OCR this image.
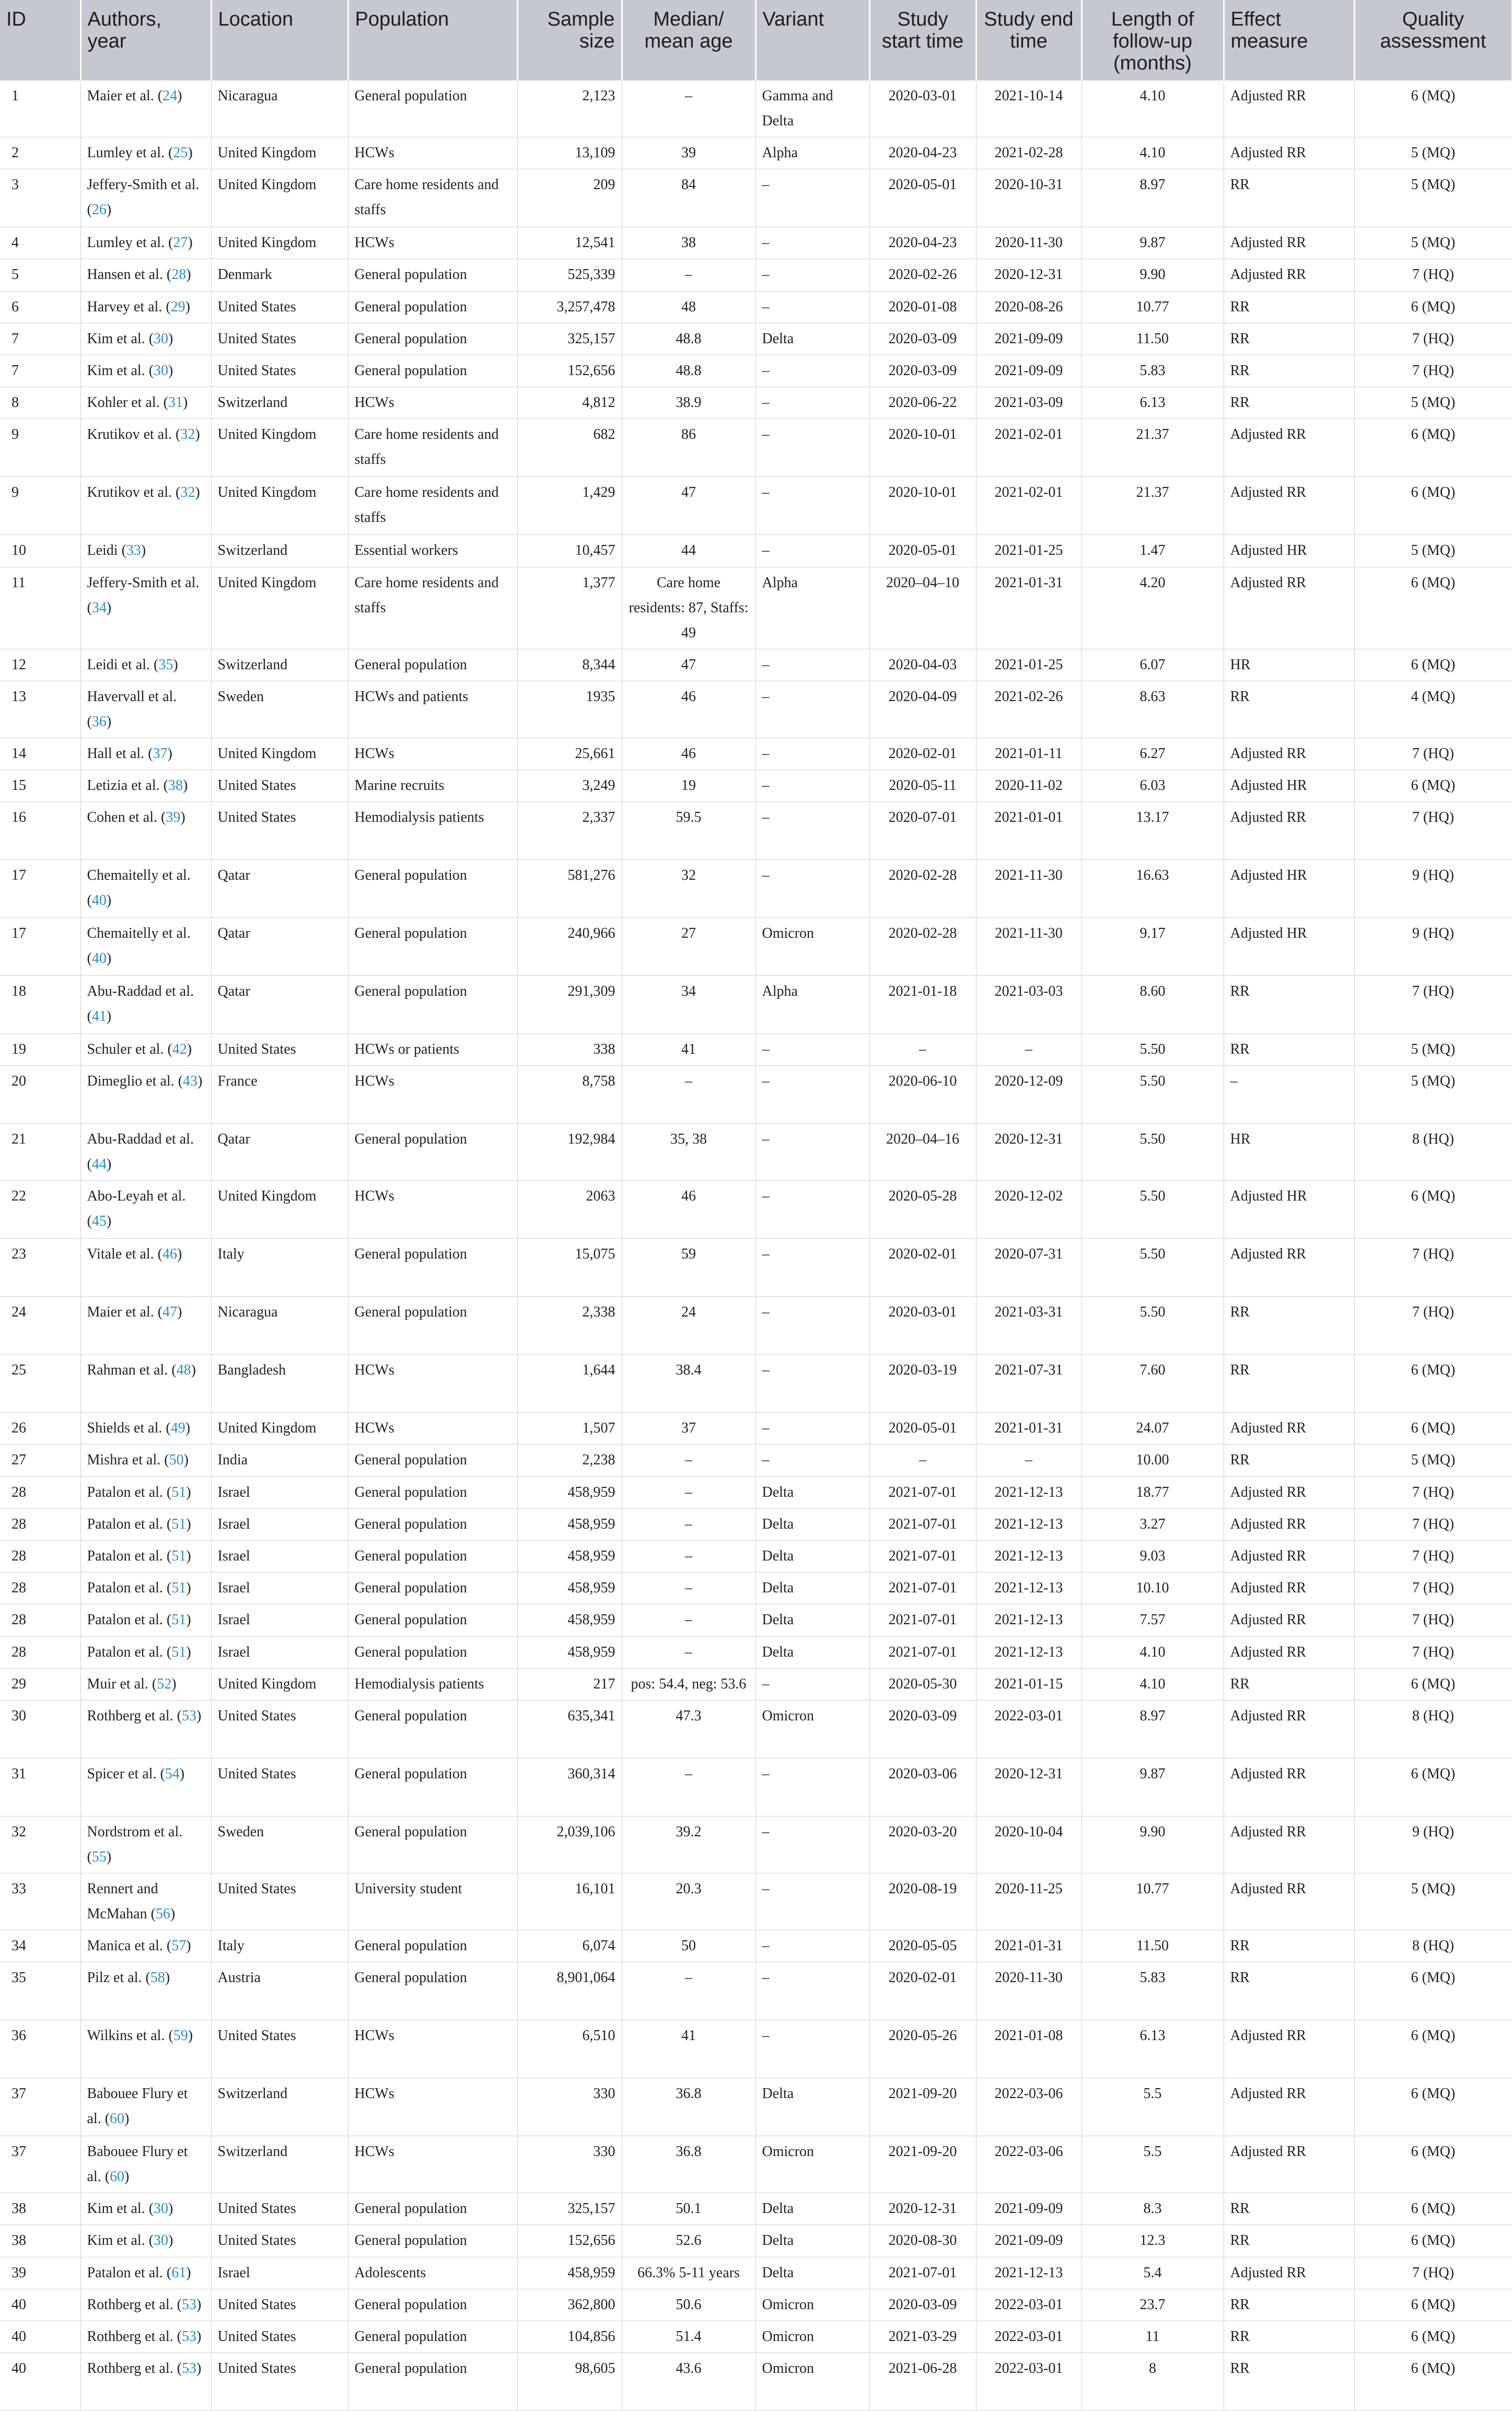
ID	Authors, year	Location	Population	Sample size	Median/ mean age	Variant	Study start time	Study end time	Length of follow-up (months)	Effect measure	Quality assessment
1	Maier et al. (24)	Nicaragua	General population	2,123	–	Gamma and Delta	2020-03-01	2021-10-14	4.10	Adjusted RR	6 (MQ)
2	Lumley et al. (25)	United Kingdom	HCWs	13,109	39	Alpha	2020-04-23	2021-02-28	4.10	Adjusted RR	5 (MQ)
3	Jeffery-Smith et al. (26)	United Kingdom	Care home residents and staffs	209	84	–	2020-05-01	2020-10-31	8.97	RR	5 (MQ)
4	Lumley et al. (27)	United Kingdom	HCWs	12,541	38	–	2020-04-23	2020-11-30	9.87	Adjusted RR	5 (MQ)
5	Hansen et al. (28)	Denmark	General population	525,339	–	–	2020-02-26	2020-12-31	9.90	Adjusted RR	7 (HQ)
6	Harvey et al. (29)	United States	General population	3,257,478	48	–	2020-01-08	2020-08-26	10.77	RR	6 (MQ)
7	Kim et al. (30)	United States	General population	325,157	48.8	Delta	2020-03-09	2021-09-09	11.50	RR	7 (HQ)
7	Kim et al. (30)	United States	General population	152,656	48.8	–	2020-03-09	2021-09-09	5.83	RR	7 (HQ)
8	Kohler et al. (31)	Switzerland	HCWs	4,812	38.9	–	2020-06-22	2021-03-09	6.13	RR	5 (MQ)
9	Krutikov et al. (32)	United Kingdom	Care home residents and staffs	682	86	–	2020-10-01	2021-02-01	21.37	Adjusted RR	6 (MQ)
9	Krutikov et al. (32)	United Kingdom	Care home residents and staffs	1,429	47	–	2020-10-01	2021-02-01	21.37	Adjusted RR	6 (MQ)
10	Leidi (33)	Switzerland	Essential workers	10,457	44	–	2020-05-01	2021-01-25	1.47	Adjusted HR	5 (MQ)
11	Jeffery-Smith et al. (34)	United Kingdom	Care home residents and staffs	1,377	Care home residents: 87, Staffs: 49	Alpha	2020–04–10	2021-01-31	4.20	Adjusted RR	6 (MQ)
12	Leidi et al. (35)	Switzerland	General population	8,344	47	–	2020-04-03	2021-01-25	6.07	HR	6 (MQ)
13	Havervall et al. (36)	Sweden	HCWs and patients	1935	46	–	2020-04-09	2021-02-26	8.63	RR	4 (MQ)
14	Hall et al. (37)	United Kingdom	HCWs	25,661	46	–	2020-02-01	2021-01-11	6.27	Adjusted RR	7 (HQ)
15	Letizia et al. (38)	United States	Marine recruits	3,249	19	–	2020-05-11	2020-11-02	6.03	Adjusted HR	6 (MQ)
16	Cohen et al. (39)	United States	Hemodialysis patients	2,337	59.5	–	2020-07-01	2021-01-01	13.17	Adjusted RR	7 (HQ)
17	Chemaitelly et al. (40)	Qatar	General population	581,276	32	–	2020-02-28	2021-11-30	16.63	Adjusted HR	9 (HQ)
17	Chemaitelly et al. (40)	Qatar	General population	240,966	27	Omicron	2020-02-28	2021-11-30	9.17	Adjusted HR	9 (HQ)
18	Abu-Raddad et al. (41)	Qatar	General population	291,309	34	Alpha	2021-01-18	2021-03-03	8.60	RR	7 (HQ)
19	Schuler et al. (42)	United States	HCWs or patients	338	41	–	–	–	5.50	RR	5 (MQ)
20	Dimeglio et al. (43)	France	HCWs	8,758	–	–	2020-06-10	2020-12-09	5.50	–	5 (MQ)
21	Abu-Raddad et al. (44)	Qatar	General population	192,984	35, 38	–	2020–04–16	2020-12-31	5.50	HR	8 (HQ)
22	Abo-Leyah et al. (45)	United Kingdom	HCWs	2063	46	–	2020-05-28	2020-12-02	5.50	Adjusted HR	6 (MQ)
23	Vitale et al. (46)	Italy	General population	15,075	59	–	2020-02-01	2020-07-31	5.50	Adjusted RR	7 (HQ)
24	Maier et al. (47)	Nicaragua	General population	2,338	24	–	2020-03-01	2021-03-31	5.50	RR	7 (HQ)
25	Rahman et al. (48)	Bangladesh	HCWs	1,644	38.4	–	2020-03-19	2021-07-31	7.60	RR	6 (MQ)
26	Shields et al. (49)	United Kingdom	HCWs	1,507	37	–	2020-05-01	2021-01-31	24.07	Adjusted RR	6 (MQ)
27	Mishra et al. (50)	India	General population	2,238	–	–	–	–	10.00	RR	5 (MQ)
28	Patalon et al. (51)	Israel	General population	458,959	–	Delta	2021-07-01	2021-12-13	18.77	Adjusted RR	7 (HQ)
28	Patalon et al. (51)	Israel	General population	458,959	–	Delta	2021-07-01	2021-12-13	3.27	Adjusted RR	7 (HQ)
28	Patalon et al. (51)	Israel	General population	458,959	–	Delta	2021-07-01	2021-12-13	9.03	Adjusted RR	7 (HQ)
28	Patalon et al. (51)	Israel	General population	458,959	–	Delta	2021-07-01	2021-12-13	10.10	Adjusted RR	7 (HQ)
28	Patalon et al. (51)	Israel	General population	458,959	–	Delta	2021-07-01	2021-12-13	7.57	Adjusted RR	7 (HQ)
28	Patalon et al. (51)	Israel	General population	458,959	–	Delta	2021-07-01	2021-12-13	4.10	Adjusted RR	7 (HQ)
29	Muir et al. (52)	United Kingdom	Hemodialysis patients	217	pos: 54.4, neg: 53.6	–	2020-05-30	2021-01-15	4.10	RR	6 (MQ)
30	Rothberg et al. (53)	United States	General population	635,341	47.3	Omicron	2020-03-09	2022-03-01	8.97	Adjusted RR	8 (HQ)
31	Spicer et al. (54)	United States	General population	360,314	–	–	2020-03-06	2020-12-31	9.87	Adjusted RR	6 (MQ)
32	Nordstrom et al. (55)	Sweden	General population	2,039,106	39.2	–	2020-03-20	2020-10-04	9.90	Adjusted RR	9 (HQ)
33	Rennert and McMahan (56)	United States	University student	16,101	20.3	–	2020-08-19	2020-11-25	10.77	Adjusted RR	5 (MQ)
34	Manica et al. (57)	Italy	General population	6,074	50	–	2020-05-05	2021-01-31	11.50	RR	8 (HQ)
35	Pilz et al. (58)	Austria	General population	8,901,064	–	–	2020-02-01	2020-11-30	5.83	RR	6 (MQ)
36	Wilkins et al. (59)	United States	HCWs	6,510	41	–	2020-05-26	2021-01-08	6.13	Adjusted RR	6 (MQ)
37	Babouee Flury et al. (60)	Switzerland	HCWs	330	36.8	Delta	2021-09-20	2022-03-06	5.5	Adjusted RR	6 (MQ)
37	Babouee Flury et al. (60)	Switzerland	HCWs	330	36.8	Omicron	2021-09-20	2022-03-06	5.5	Adjusted RR	6 (MQ)
38	Kim et al. (30)	United States	General population	325,157	50.1	Delta	2020-12-31	2021-09-09	8.3	RR	6 (MQ)
38	Kim et al. (30)	United States	General population	152,656	52.6	Delta	2020-08-30	2021-09-09	12.3	RR	6 (MQ)
39	Patalon et al. (61)	Israel	Adolescents	458,959	66.3% 5-11 years	Delta	2021-07-01	2021-12-13	5.4	Adjusted RR	7 (HQ)
40	Rothberg et al. (53)	United States	General population	362,800	50.6	Omicron	2020-03-09	2022-03-01	23.7	RR	6 (MQ)
40	Rothberg et al. (53)	United States	General population	104,856	51.4	Omicron	2021-03-29	2022-03-01	11	RR	6 (MQ)
40	Rothberg et al. (53)	United States	General population	98,605	43.6	Omicron	2021-06-28	2022-03-01	8	RR	6 (MQ)
